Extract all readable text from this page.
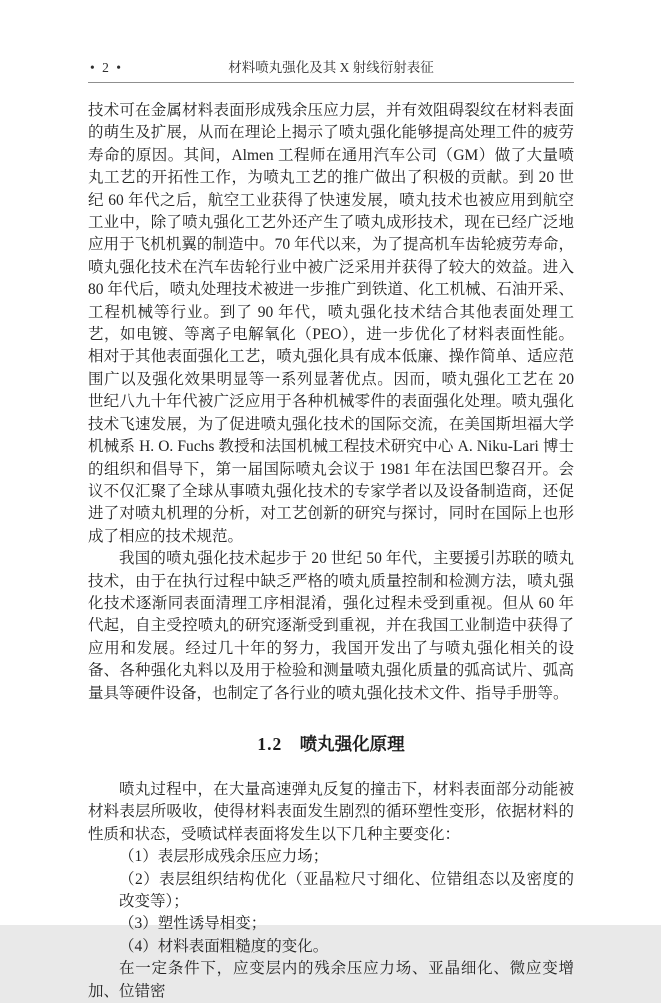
• 2 •	材料喷丸强化及其 X 射线衍射表征

技术可在金属材料表面形成残余压应力层，并有效阻碍裂纹在材料表面的萌生及扩展，从而在理论上揭示了喷丸强化能够提高处理工件的疲劳寿命的原因。其间，Almen 工程师在通用汽车公司（GM）做了大量喷丸工艺的开拓性工作，为喷丸工艺的推广做出了积极的贡献。到 20 世纪 60 年代之后，航空工业获得了快速发展，喷丸技术也被应用到航空工业中，除了喷丸强化工艺外还产生了喷丸成形技术，现在已经广泛地应用于飞机机翼的制造中。70 年代以来，为了提高机车齿轮疲劳寿命，喷丸强化技术在汽车齿轮行业中被广泛采用并获得了较大的效益。进入 80 年代后，喷丸处理技术被进一步推广到铁道、化工机械、石油开采、工程机械等行业。到了 90 年代，喷丸强化技术结合其他表面处理工艺，如电镀、等离子电解氧化（PEO），进一步优化了材料表面性能。相对于其他表面强化工艺，喷丸强化具有成本低廉、操作简单、适应范围广以及强化效果明显等一系列显著优点。因而，喷丸强化工艺在 20 世纪八九十年代被广泛应用于各种机械零件的表面强化处理。喷丸强化技术飞速发展，为了促进喷丸强化技术的国际交流，在美国斯坦福大学机械系 H. O. Fuchs 教授和法国机械工程技术研究中心 A. Niku-Lari 博士的组织和倡导下，第一届国际喷丸会议于 1981 年在法国巴黎召开。会议不仅汇聚了全球从事喷丸强化技术的专家学者以及设备制造商，还促进了对喷丸机理的分析，对工艺创新的研究与探讨，同时在国际上也形成了相应的技术规范。

我国的喷丸强化技术起步于 20 世纪 50 年代，主要援引苏联的喷丸技术，由于在执行过程中缺乏严格的喷丸质量控制和检测方法，喷丸强化技术逐渐同表面清理工序相混淆，强化过程未受到重视。但从 60 年代起，自主受控喷丸的研究逐渐受到重视，并在我国工业制造中获得了应用和发展。经过几十年的努力，我国开发出了与喷丸强化相关的设备、各种强化丸料以及用于检验和测量喷丸强化质量的弧高试片、弧高量具等硬件设备，也制定了各行业的喷丸强化技术文件、指导手册等。

1.2 喷丸强化原理

喷丸过程中，在大量高速弹丸反复的撞击下，材料表面部分动能被材料表层所吸收，使得材料表面发生剧烈的循环塑性变形，依据材料的性质和状态，受喷试样表面将发生以下几种主要变化：

（1）表层形成残余压应力场；

（2）表层组织结构优化（亚晶粒尺寸细化、位错组态以及密度的改变等）；

（3）塑性诱导相变；

（4）材料表面粗糙度的变化。

在一定条件下，应变层内的残余压应力场、亚晶细化、微应变增加、位错密
